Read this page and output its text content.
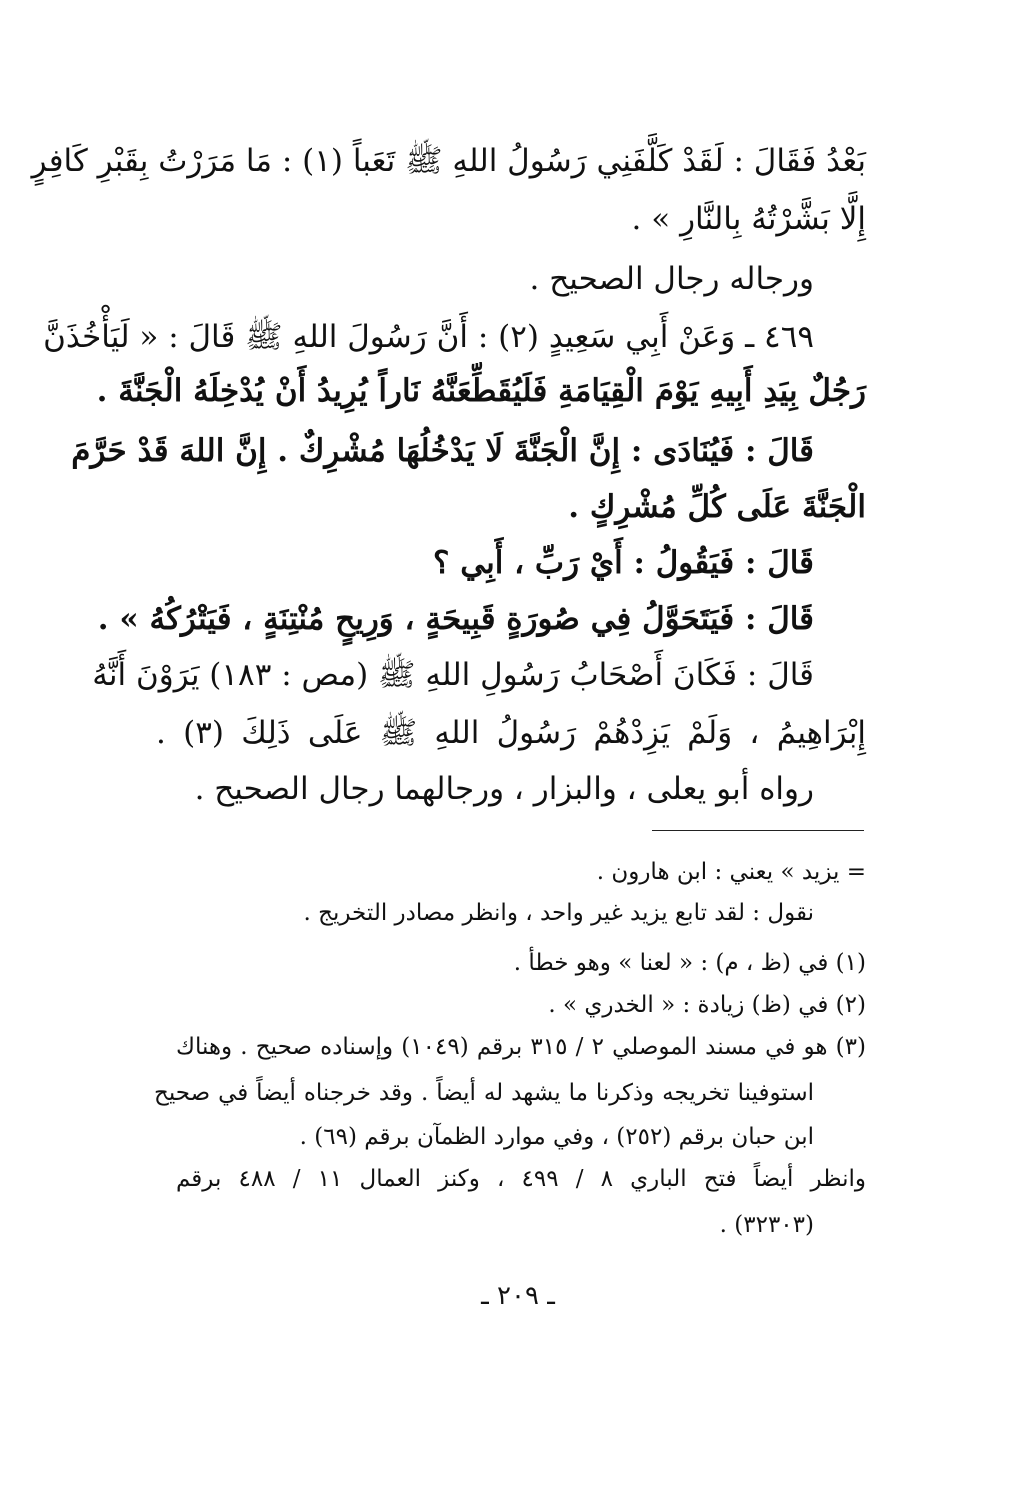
بَعْدُ فَقَالَ : لَقَدْ كَلَّفَنِي رَسُولُ اللهِ ﷺ تَعَباً (١) : مَا مَرَرْتُ بِقَبْرِ كَافِرٍ
إِلَّا بَشَّرْتُهُ بِالنَّارِ » .
ورجاله رجال الصحيح .
٤٦٩ ـ وَعَنْ أَبِي سَعِيدٍ (٢) : أَنَّ رَسُولَ اللهِ ﷺ قَالَ : « لَيَأْخُذَنَّ
رَجُلٌ بِيَدِ أَبِيهِ يَوْمَ الْقِيَامَةِ فَلَيُقَطِّعَنَّهُ نَاراً يُرِيدُ أَنْ يُدْخِلَهُ الْجَنَّةَ .
قَالَ : فَيُنَادَى : إِنَّ الْجَنَّةَ لَا يَدْخُلُهَا مُشْرِكٌ . إِنَّ اللهَ قَدْ حَرَّمَ
الْجَنَّةَ عَلَى كُلِّ مُشْرِكٍ .
قَالَ : فَيَقُولُ : أَيْ رَبِّ ، أَبِي ؟
قَالَ : فَيَتَحَوَّلُ فِي صُورَةٍ قَبِيحَةٍ ، وَرِيحٍ مُنْتِنَةٍ ، فَيَتْرُكُهُ » .
قَالَ : فَكَانَ أَصْحَابُ رَسُولِ اللهِ ﷺ (مص : ١٨٣) يَرَوْنَ أَنَّهُ
إِبْرَاهِيمُ ، وَلَمْ يَزِدْهُمْ رَسُولُ اللهِ ﷺ عَلَى ذَلِكَ (٣) .
رواه أبو يعلى ، والبزار ، ورجالهما رجال الصحيح .
= يزيد » يعني : ابن هارون .
نقول : لقد تابع يزيد غير واحد ، وانظر مصادر التخريج .
(١) في (ظ ، م) : « لعنا » وهو خطأ .
(٢) في (ظ) زيادة : « الخدري » .
(٣) هو في مسند الموصلي ٢ / ٣١٥ برقم (١٠٤٩) وإسناده صحيح . وهناك
استوفينا تخريجه وذكرنا ما يشهد له أيضاً . وقد خرجناه أيضاً في صحيح
ابن حبان برقم (٢٥٢) ، وفي موارد الظمآن برقم (٦٩) .
وانظر أيضاً فتح الباري ٨ / ٤٩٩ ، وكنز العمال ١١ / ٤٨٨ برقم
(٣٢٣٠٣) .
ـ ٢٠٩ ـ
